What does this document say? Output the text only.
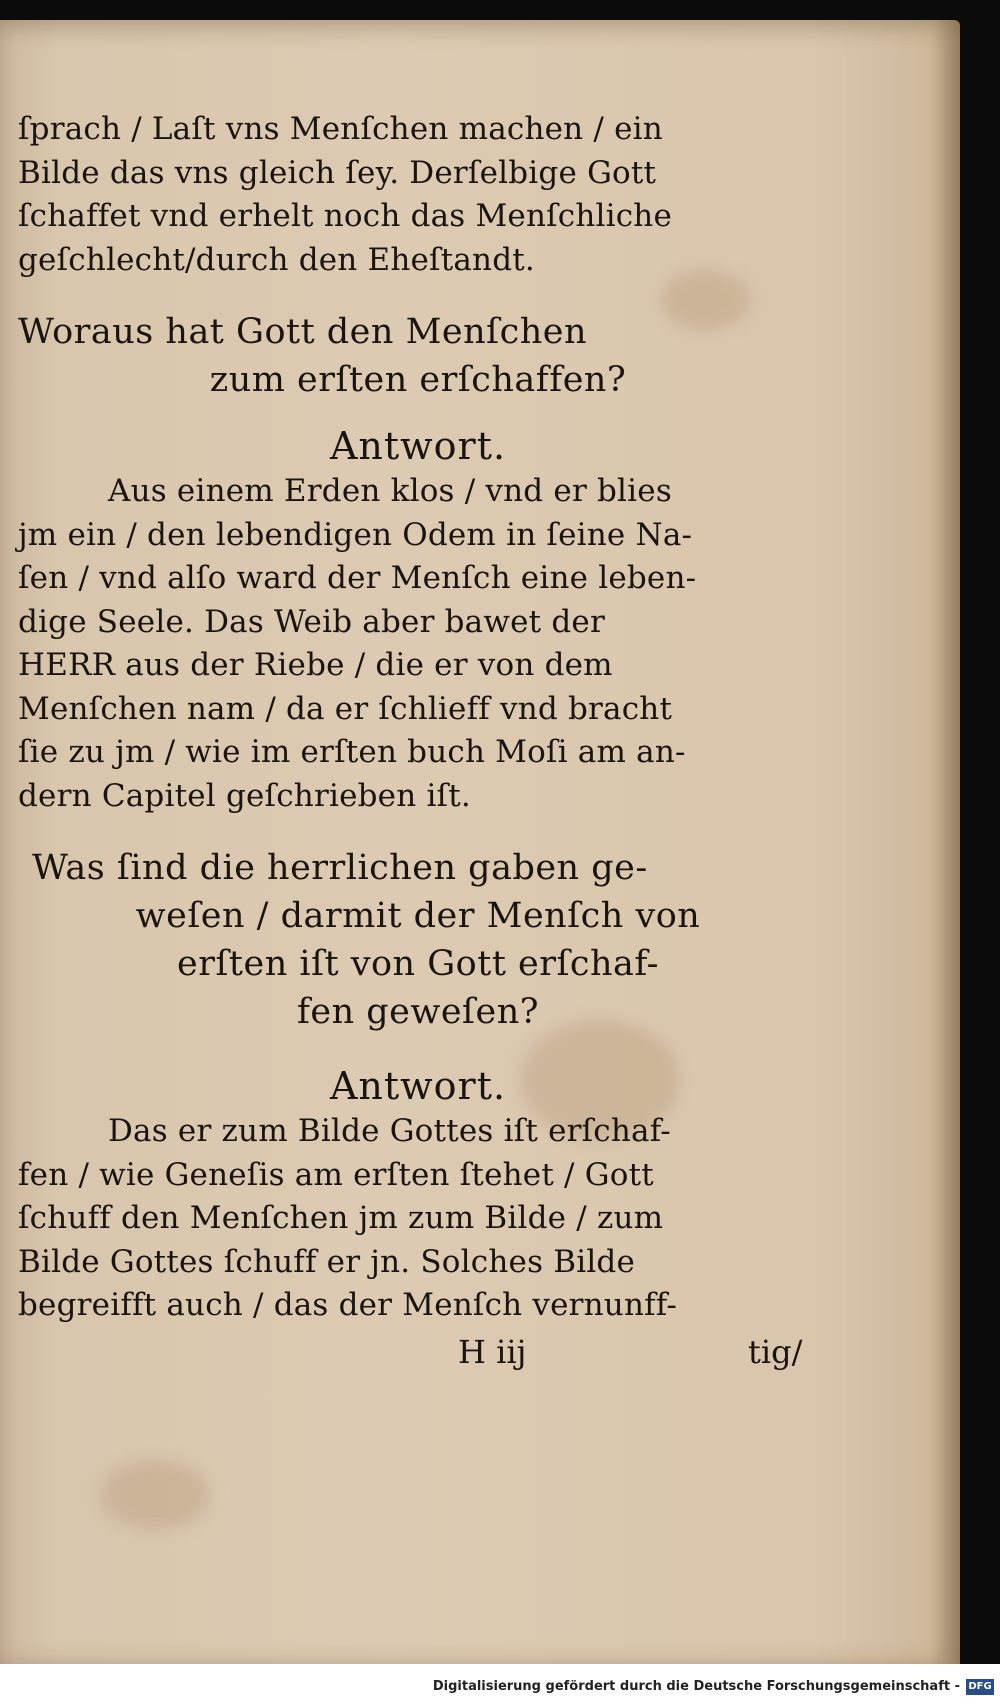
ſprach / Laſt vns Menſchen machen / ein
Bilde das vns gleich ſey. Derſelbige Gott
ſchaffet vnd erhelt noch das Menſchliche
geſchlecht/durch den Eheſtandt.
Woraus hat Gott den Menſchen
zum erſten erſchaffen?
Antwort.
Aus einem Erden klos / vnd er blies
jm ein / den lebendigen Odem in ſeine Na-
ſen / vnd alſo ward der Menſch eine leben-
dige Seele. Das Weib aber bawet der
HERR aus der Riebe / die er von dem
Menſchen nam / da er ſchlieff vnd bracht
ſie zu jm / wie im erſten buch Moſi am an-
dern Capitel geſchrieben iſt.
Was ſind die herrlichen gaben ge-
weſen / darmit der Menſch von
erſten iſt von Gott erſchaf-
fen geweſen?
Antwort.
Das er zum Bilde Gottes iſt erſchaf-
fen / wie Geneſis am erſten ſtehet / Gott
ſchuff den Menſchen jm zum Bilde / zum
Bilde Gottes ſchuff er jn. Solches Bilde
begreifft auch / das der Menſch vernunff-
H iij	tig/
Digitalisierung gefördert durch die Deutsche Forschungsgemeinschaft - DFG
